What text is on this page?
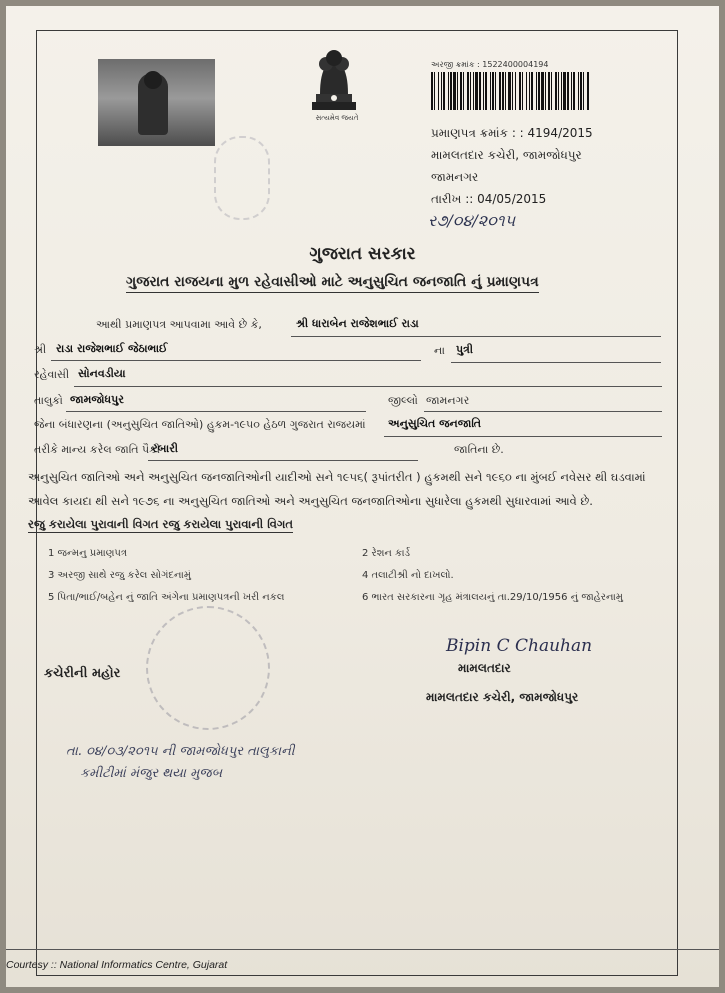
સત્યમેવ જયતે
અરજી ક્રમાંક : 1522400004194
પ્રમાણપત્ર ક્રમાંક : : 4194/2015
મામલતદાર કચેરી, જામજોધપુર
જામનગર
તારીખ :: 04/05/2015
ર૭/૦૪/૨૦૧૫
ગુજરાત સરકાર
ગુજરાત રાજયના મુળ રહેવાસીઓ માટે અનુસુચિત જનજાતિ નું પ્રમાણપત્ર
આથી પ્રમાણપત્ર આપવામા આવે છે કે,	શ્રી ધારાબેન રાજેશભાઈ રાડા
શ્રી રાડા રાજેશભાઈ જેઠાભાઈ	ના પુત્રી
રહેવાસી સોનવડીયા
તાલુકો જામજોધપુર	જીલ્લો જામનગર
જેના બંધારણના (અનુસુચિત જાતિઓ) હુકમ-૧૯૫૦ હેઠળ ગુજરાત રાજયમાં અનુસુચિત જનજાતિ
તરીકે માન્ય કરેલ જાતિ પૈકી
રબારી	જાતિના છે.
અનુસુચિત જાતિઓ અને અનુસુચિત જનજાતિઓની યાદીઓ સને ૧૯૫૬( રૂપાંતરીત ) હુકમથી સને ૧૯૬૦ ના મુંબઈ નવેસર થી ઘડવામાં
આવેલ કાયદા થી સને ૧૯૭૬ ના અનુસુચિત જાતિઓ અને અનુસુચિત જનજાતિઓના સુધારેલા હુકમથી સુધારવામાં આવે છે.
રજુ કરાયેલા પુરાવાની વિગત રજુ કરાયેલા પુરાવાની વિગત
1 જન્મનુ પ્રમાણપત્ર	2 રેશન કાર્ડ
3 અરજી સાથે રજુ કરેલ સોગંદનામું	4 તલાટીશ્રી નો દાખલો.
5 પિતા/ભાઈ/બહેન નું જાતિ અંગેના પ્રમાણપત્રની ખરી નકલ	6 ભારત સરકારના ગૃહ મંત્રાલયનું તા.29/10/1956 નું જાહેરનામુ
કચેરીની મહોર
Bipin C Chauhan
મામલતદાર
મામલતદાર કચેરી, જામજોધપુર
તા. ૦૪/૦૩/૨૦૧૫ ની જામજોધપુર તાલુકાની
કમીટીમાં મંજુર થયા મુજબ
Courtesy :: National Informatics Centre, Gujarat
